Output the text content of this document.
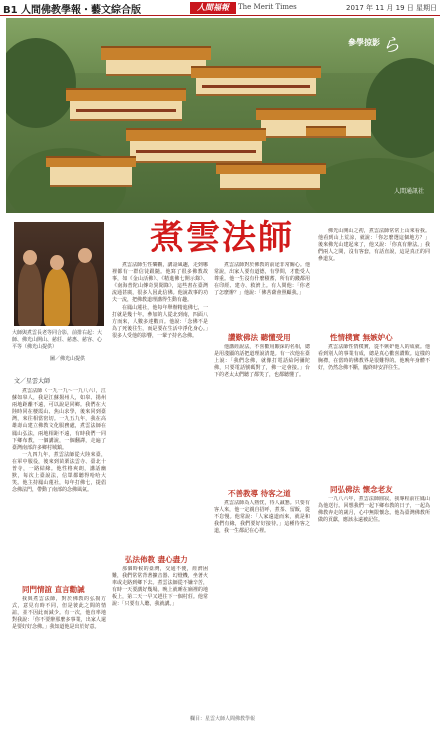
B1 人間佛教學報・藝文綜合版	人間福報	The Merit Times	2017 年 11 月 19 日 星期日
參學掠影 ら
人間通訊社
煮雲法師
大師與煮雲長老等同合影，前排右起：大師、佛光山開山、慈莊、慈惠、慈容、心平等（佛光山提供）
圖／佛光山提供
文／星雲大師

煮雲法師（一九一九～一九八六），江蘇如皋人，我是江蘇揚州人，如皋、揚州兩地距離不遠，可以說是同鄉。我們在大陸時同在棲霞山、焦山求學，後來同到臺灣，來往相當密切。一九五九年，我在高雄壽山建立佛教文化服務處，煮雲法師在鳳山弘法，兩地相距不遠，有時我們一同下鄉布教，一個講說，一個翻譯，走遍了臺灣南部許多鄉村城鎮。

一九四九年，煮雲法師從大陸來臺，在軍中服役，後來到苗栗法雲寺、臺北十普寺，一路結緣。他性格爽朗，講話幽默，每次上臺說法，信眾都聽得哈哈大笑。他主持鳳山蓮社，每年打佛七，提倡念佛法門，帶動了南部的念佛風氣。

同門情誼 直言勸誡

我與煮雲法師，對於佛教的弘揚方式，意見有時不同，但是彼此之間的情誼，並不因此而減少。有一次，他直率地對我說：「你不要辦那麼多事業，出家人還是要好好念佛。」我知道他是出於好意。

煮雲法師生性樂觀，講話風趣，走到哪裡都有一群信徒跟隨。他寫了很多佛教故事，如《金山活佛》、《精進佛七開示錄》、《南海普陀山傳奇異聞錄》，這些書在臺灣流通甚廣，很多人因此信佛。他說故事的功夫一流，把佛教道理講得生動有趣。

在鳳山蓮社，他每年舉辦精進佛七，一打就是幾十年。參加的人從北到南，四面八方而來，人數多達數百。他說：「念佛不是為了死後往生，而是要在生活中淨化身心。」很多人受他的影響，一輩子持名念佛。

弘法佈教 盡心盡力

那個時候的臺灣，交通不便，經濟困難，我們常常背著擴音器、幻燈機，坐著火車或走路到鄉下去。煮雲法師從不嫌辛苦，有時一天要講好幾場。晚上就睡在廟裡的地板上，第二天一早又趕往下一個村莊。他常說：「只要有人聽，我就講。」

煮雲法師對於佛教的前途非常關心。他常說，出家人要有道德，有學問，才能受人尊重。他一生沒有什麼積蓄，所有的錢都用在印經、建寺、救濟上。有人問他：「你老了怎麼辦？」他說：「佛菩薩會照顧我。」

讚歎佛法 聽懂受用

他講經說法，不喜歡用艱深的名相，總是用淺顯的話把道理說清楚。有一次他在臺上說：「我們念佛，就像打電話給阿彌陀佛，只要電話號碼對了，佛一定會接。」台下的老太太們聽了都笑了，也都聽懂了。

不善教導 待客之道

煮雲法師為人熱忱，待人誠懇。只要有客人來，他一定親自招呼，煮茶、留飯，從不怠慢。他常說：「人家遠道而來，就是和我們有緣，我們要好好接待。」這種待客之道，我一生都記在心裡。

佛光山開山之初，煮雲法師常常上山來看我。他看到山上荒涼，就說：「你怎麼選這個地方？」後來佛光山建起來了，他又說：「你真有辦法。」我們兩人之間，沒有客套，有話直說，這是真正的同參道友。

性情樸實 無嫉妒心

煮雲法師性情樸實，從不嫉妒他人的成就。他看到別人的事業有成，總是真心歡喜讚歎。這樣的胸襟，在當時的佛教界是很難得的。他晚年身體不好，仍然念佛不斷，臨終時安詳往生。

同弘佛法 懷念老友

一九八六年，煮雲法師圓寂，我專程前往鳳山為他送行。回想我們一起下鄉布教的日子，一起為佛教奔走的歲月，心中無限懷念。他為臺灣佛教所做的貢獻，應該永遠被記住。

欄目：星雲大師人間佛教學報
